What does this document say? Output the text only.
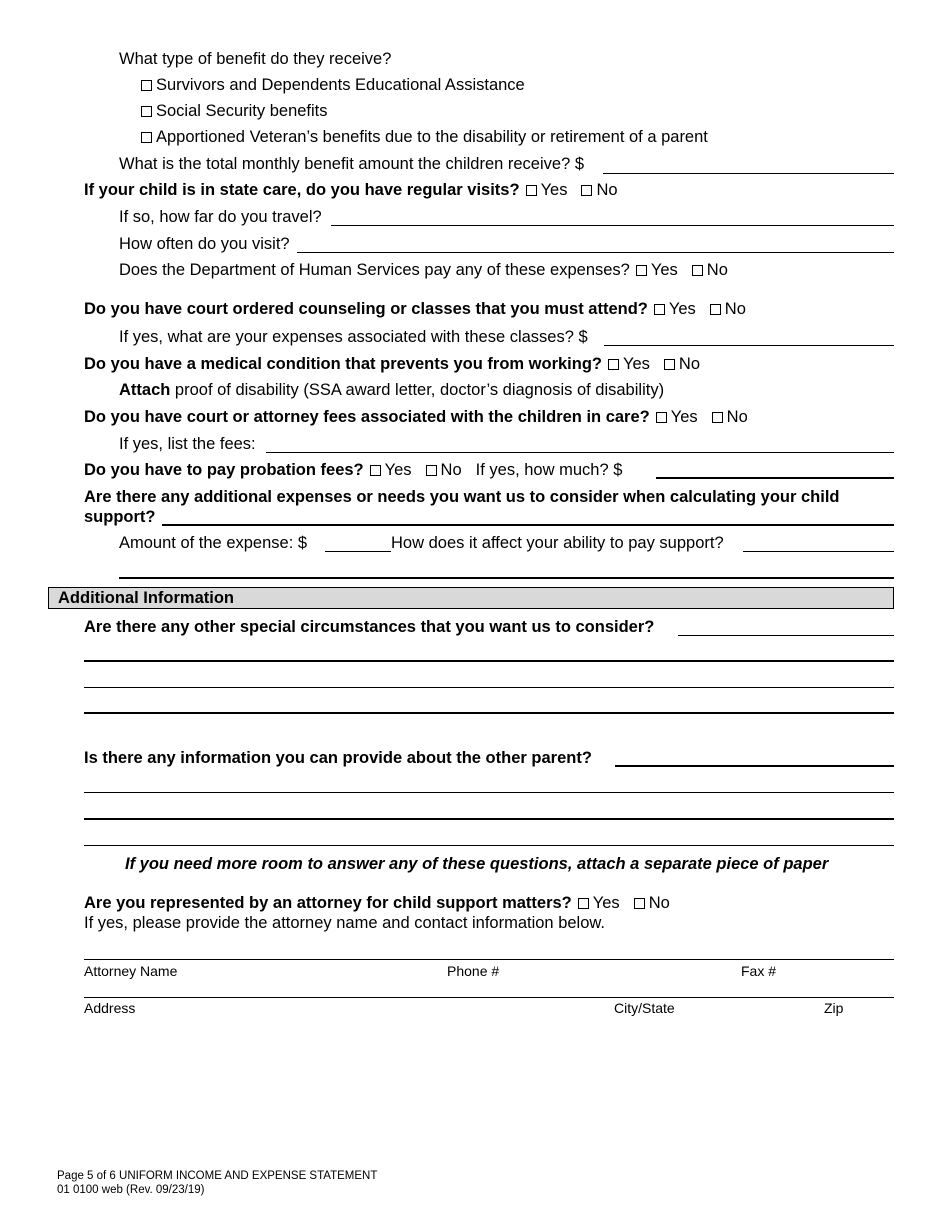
What type of benefit do they receive?
Survivors and Dependents Educational Assistance
Social Security benefits
Apportioned Veteran’s benefits due to the disability or retirement of a parent
What is the total monthly benefit amount the children receive? $
If your child is in state care, do you have regular visits? Yes No
If so, how far do you travel?
How often do you visit?
Does the Department of Human Services pay any of these expenses? Yes No
Do you have court ordered counseling or classes that you must attend? Yes No
If yes, what are your expenses associated with these classes? $
Do you have a medical condition that prevents you from working? Yes No
Attach proof of disability (SSA award letter, doctor’s diagnosis of disability)
Do you have court or attorney fees associated with the children in care? Yes No
If yes, list the fees:
Do you have to pay probation fees? Yes No If yes, how much? $
Are there any additional expenses or needs you want us to consider when calculating your child
support?
Amount of the expense: $	How does it affect your ability to pay support?
Additional Information
Are there any other special circumstances that you want us to consider?
Is there any information you can provide about the other parent?
If you need more room to answer any of these questions, attach a separate piece of paper
Are you represented by an attorney for child support matters? Yes No
If yes, please provide the attorney name and contact information below.
Attorney Name	Phone #	Fax #
Address	City/State	Zip
Page 5 of 6 UNIFORM INCOME AND EXPENSE STATEMENT
01 0100 web (Rev. 09/23/19)
